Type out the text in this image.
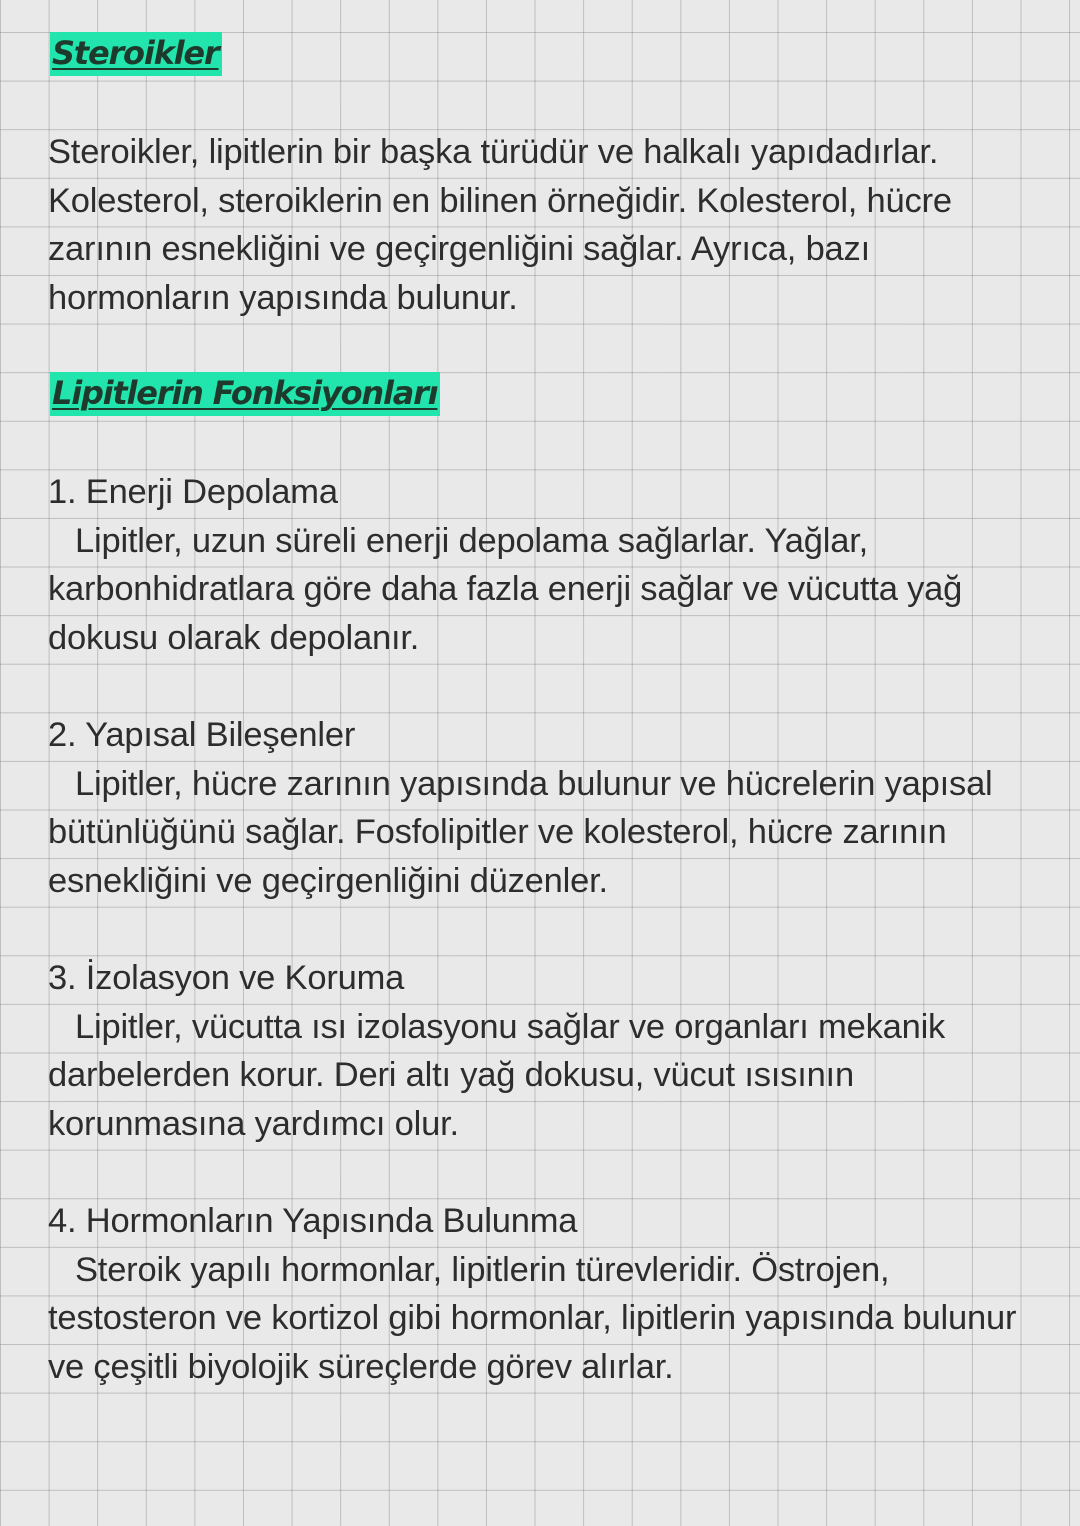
Steroikler

Steroikler, lipitlerin bir başka türüdür ve halkalı yapıdadırlar. Kolesterol, steroiklerin en bilinen örneğidir. Kolesterol, hücre zarının esnekliğini ve geçirgenliğini sağlar. Ayrıca, bazı hormonların yapısında bulunur.

Lipitlerin Fonksiyonları
1. Enerji Depolama
Lipitler, uzun süreli enerji depolama sağlarlar. Yağlar, karbonhidratlara göre daha fazla enerji sağlar ve vücutta yağ dokusu olarak depolanır.
2. Yapısal Bileşenler
Lipitler, hücre zarının yapısında bulunur ve hücrelerin yapısal bütünlüğünü sağlar. Fosfolipitler ve kolesterol, hücre zarının esnekliğini ve geçirgenliğini düzenler.
3. İzolasyon ve Koruma
Lipitler, vücutta ısı izolasyonu sağlar ve organları mekanik darbelerden korur. Deri altı yağ dokusu, vücut ısısının korunmasına yardımcı olur.
4. Hormonların Yapısında Bulunma
Steroik yapılı hormonlar, lipitlerin türevleridir. Östrojen, testosteron ve kortizol gibi hormonlar, lipitlerin yapısında bulunur ve çeşitli biyolojik süreçlerde görev alırlar.
